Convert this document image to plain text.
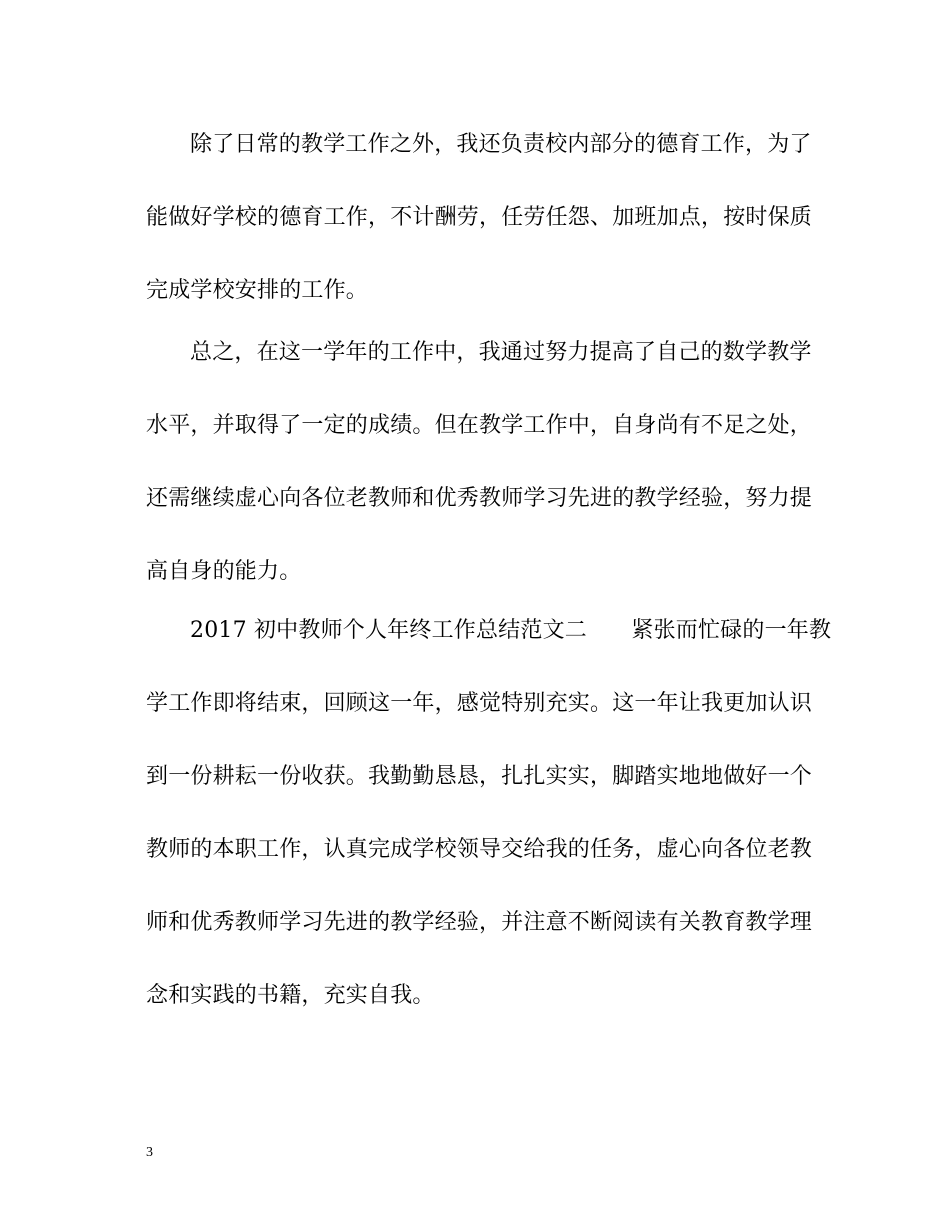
除了日常的教学工作之外，我还负责校内部分的德育工作，为了
能做好学校的德育工作，不计酬劳，任劳任怨、加班加点，按时保质
完成学校安排的工作。
总之，在这一学年的工作中，我通过努力提高了自己的数学教学
水平，并取得了一定的成绩。但在教学工作中，自身尚有不足之处，
还需继续虚心向各位老教师和优秀教师学习先进的教学经验，努力提
高自身的能力。
2017 初中教师个人年终工作总结范文二　　紧张而忙碌的一年教
学工作即将结束，回顾这一年，感觉特别充实。这一年让我更加认识
到一份耕耘一份收获。我勤勤恳恳，扎扎实实，脚踏实地地做好一个
教师的本职工作，认真完成学校领导交给我的任务，虚心向各位老教
师和优秀教师学习先进的教学经验，并注意不断阅读有关教育教学理
念和实践的书籍，充实自我。
3
